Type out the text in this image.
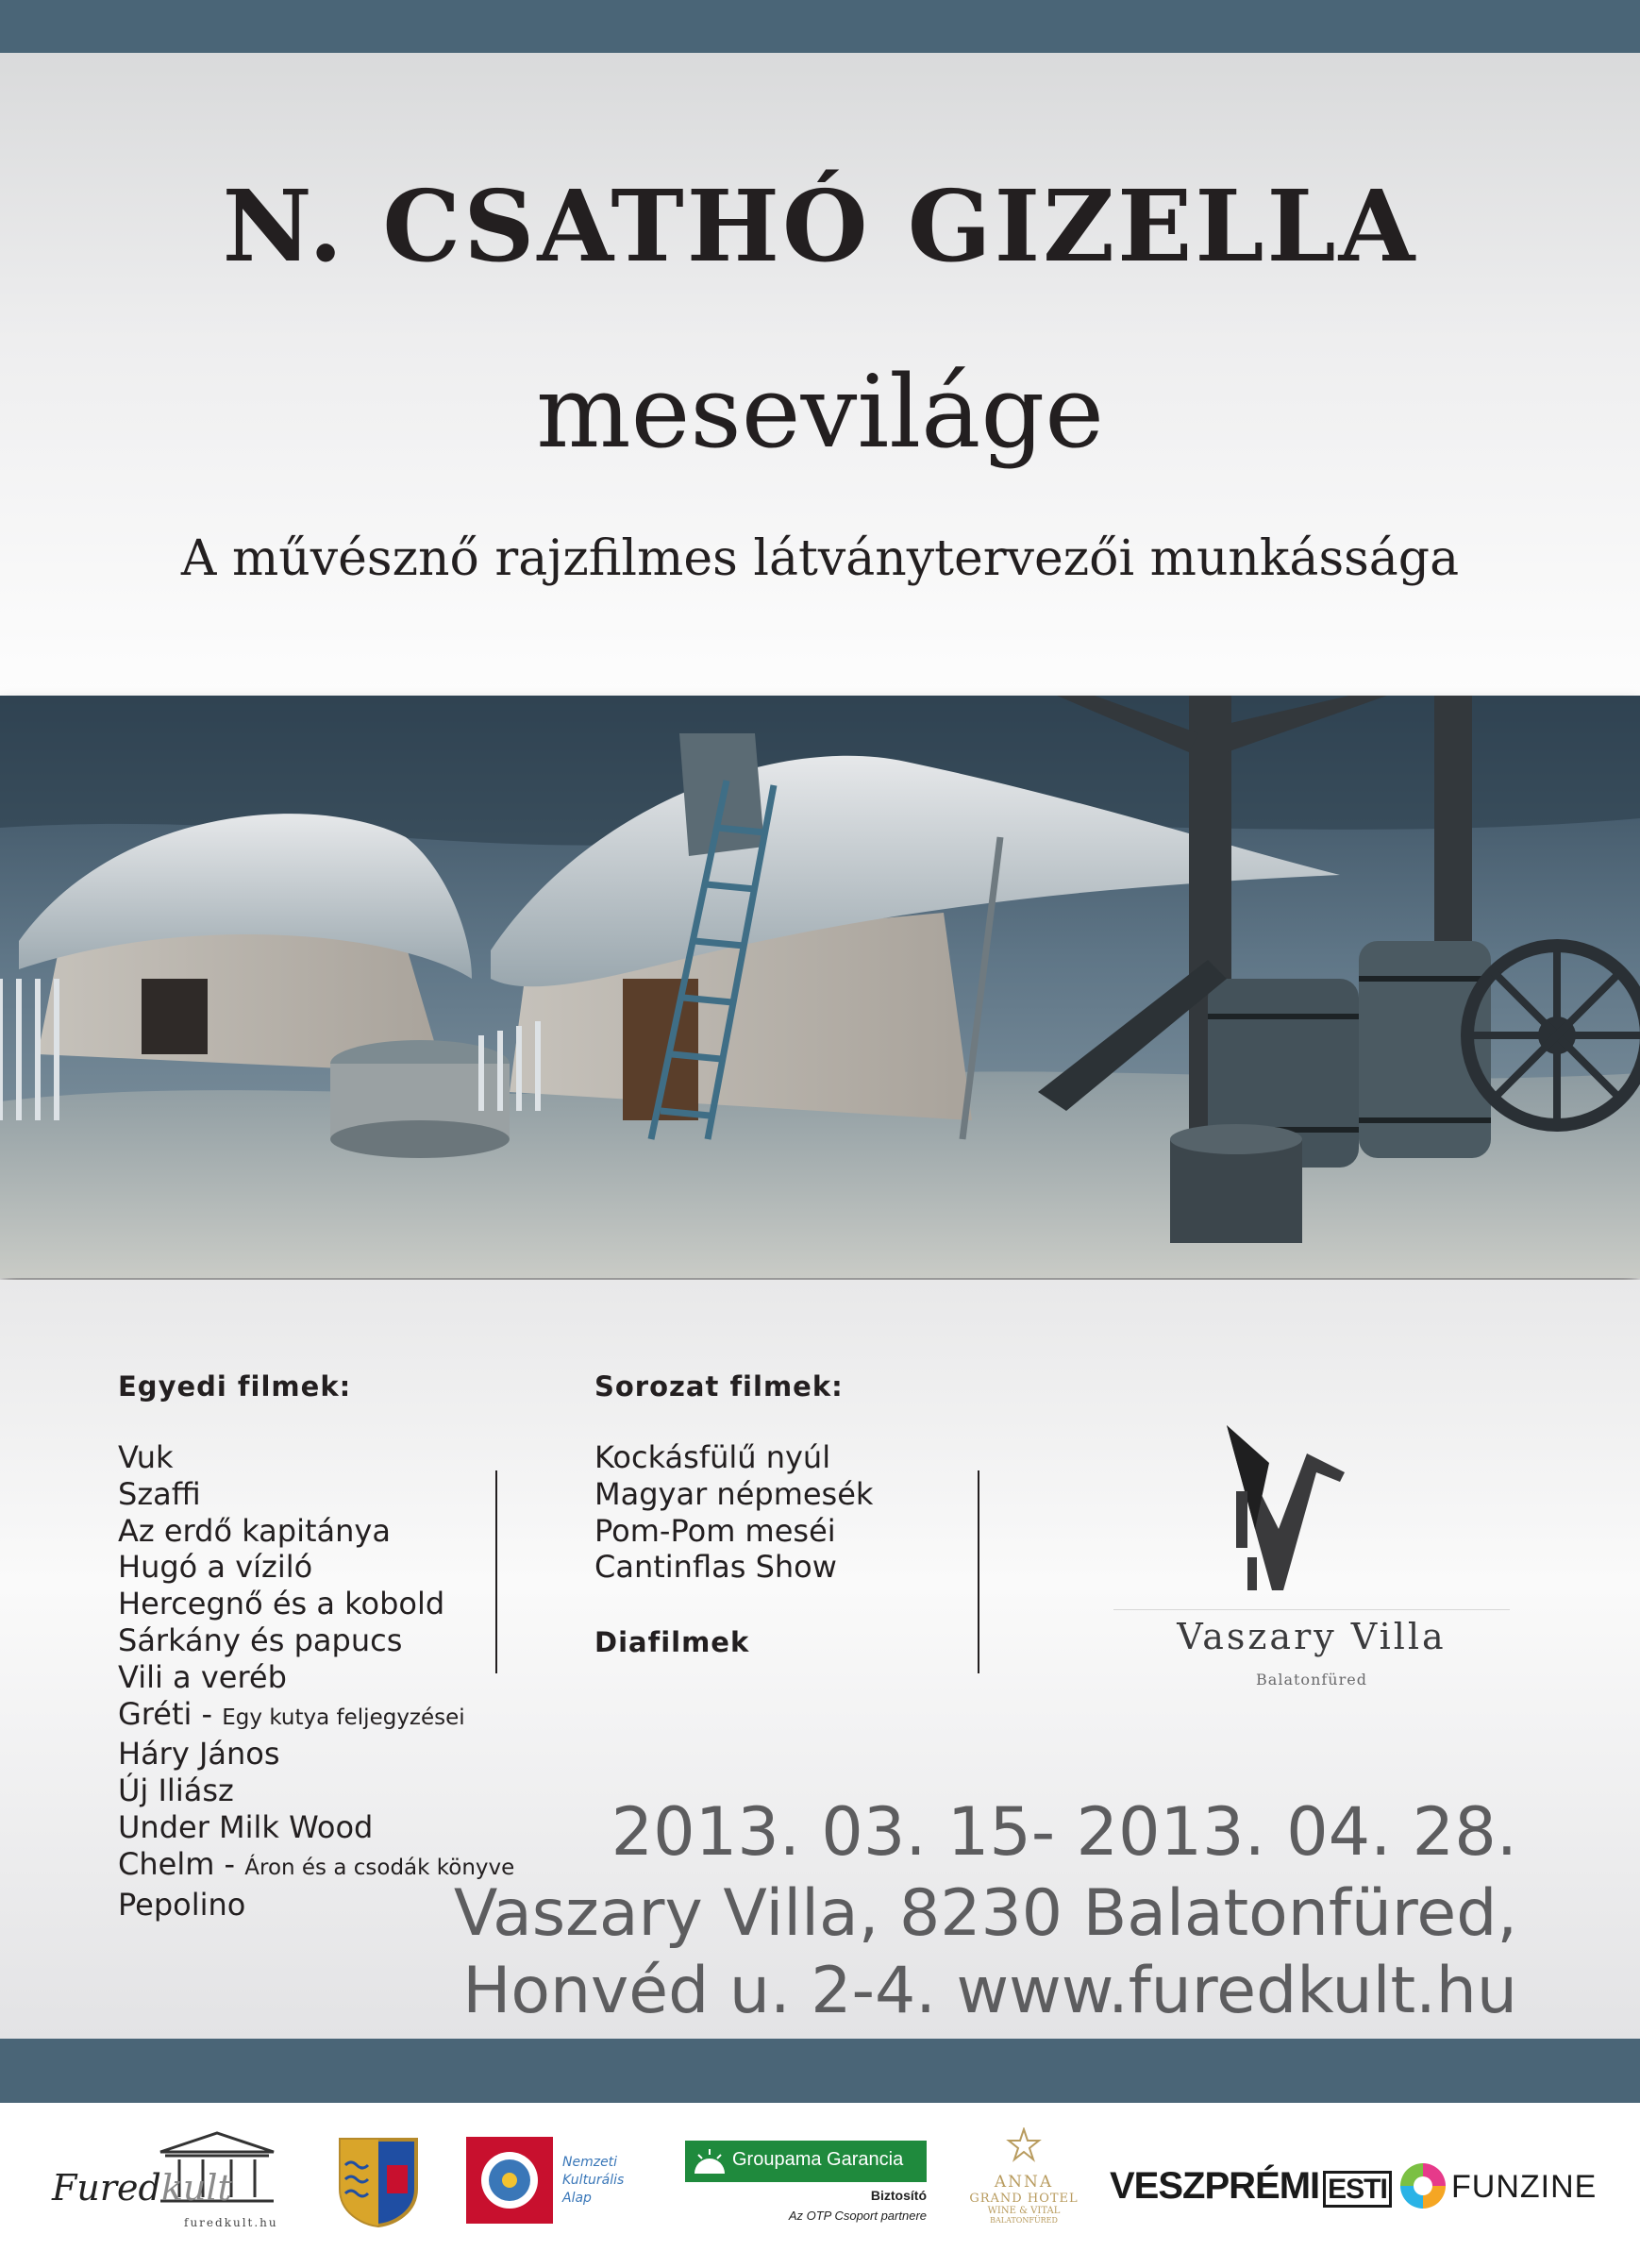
N. CSATHÓ GIZELLA
meseviláge
A művésznő rajzfilmes látványtervezői munkássága
Egyedi filmek:
Vuk
Szaffi
Az erdő kapitánya
Hugó a víziló
Hercegnő és a kobold
Sárkány és papucs
Vili a veréb
Gréti - Egy kutya feljegyzései
Háry János
Új Iliász
Under Milk Wood
Chelm - Áron és a csodák könyve
Pepolino
Sorozat filmek:
Kockásfülű nyúl
Magyar népmesék
Pom-Pom meséi
Cantinflas Show
Diafilmek	Vaszary Villa
Balatonfüred
2013. 03. 15- 2013. 04. 28.
Vaszary Villa, 8230 Balatonfüred,
Honvéd u. 2-4. www.furedkult.hu
Furedkult
furedkult.hu
Nemzeti
Kulturális
Alap
Groupama Garancia
Biztosító
Az OTP Csoport partnere
ANNA
GRAND HOTEL
WINE & VITAL
BALATONFÜRED
VESZPRÉMI ESTI FUNZINE
